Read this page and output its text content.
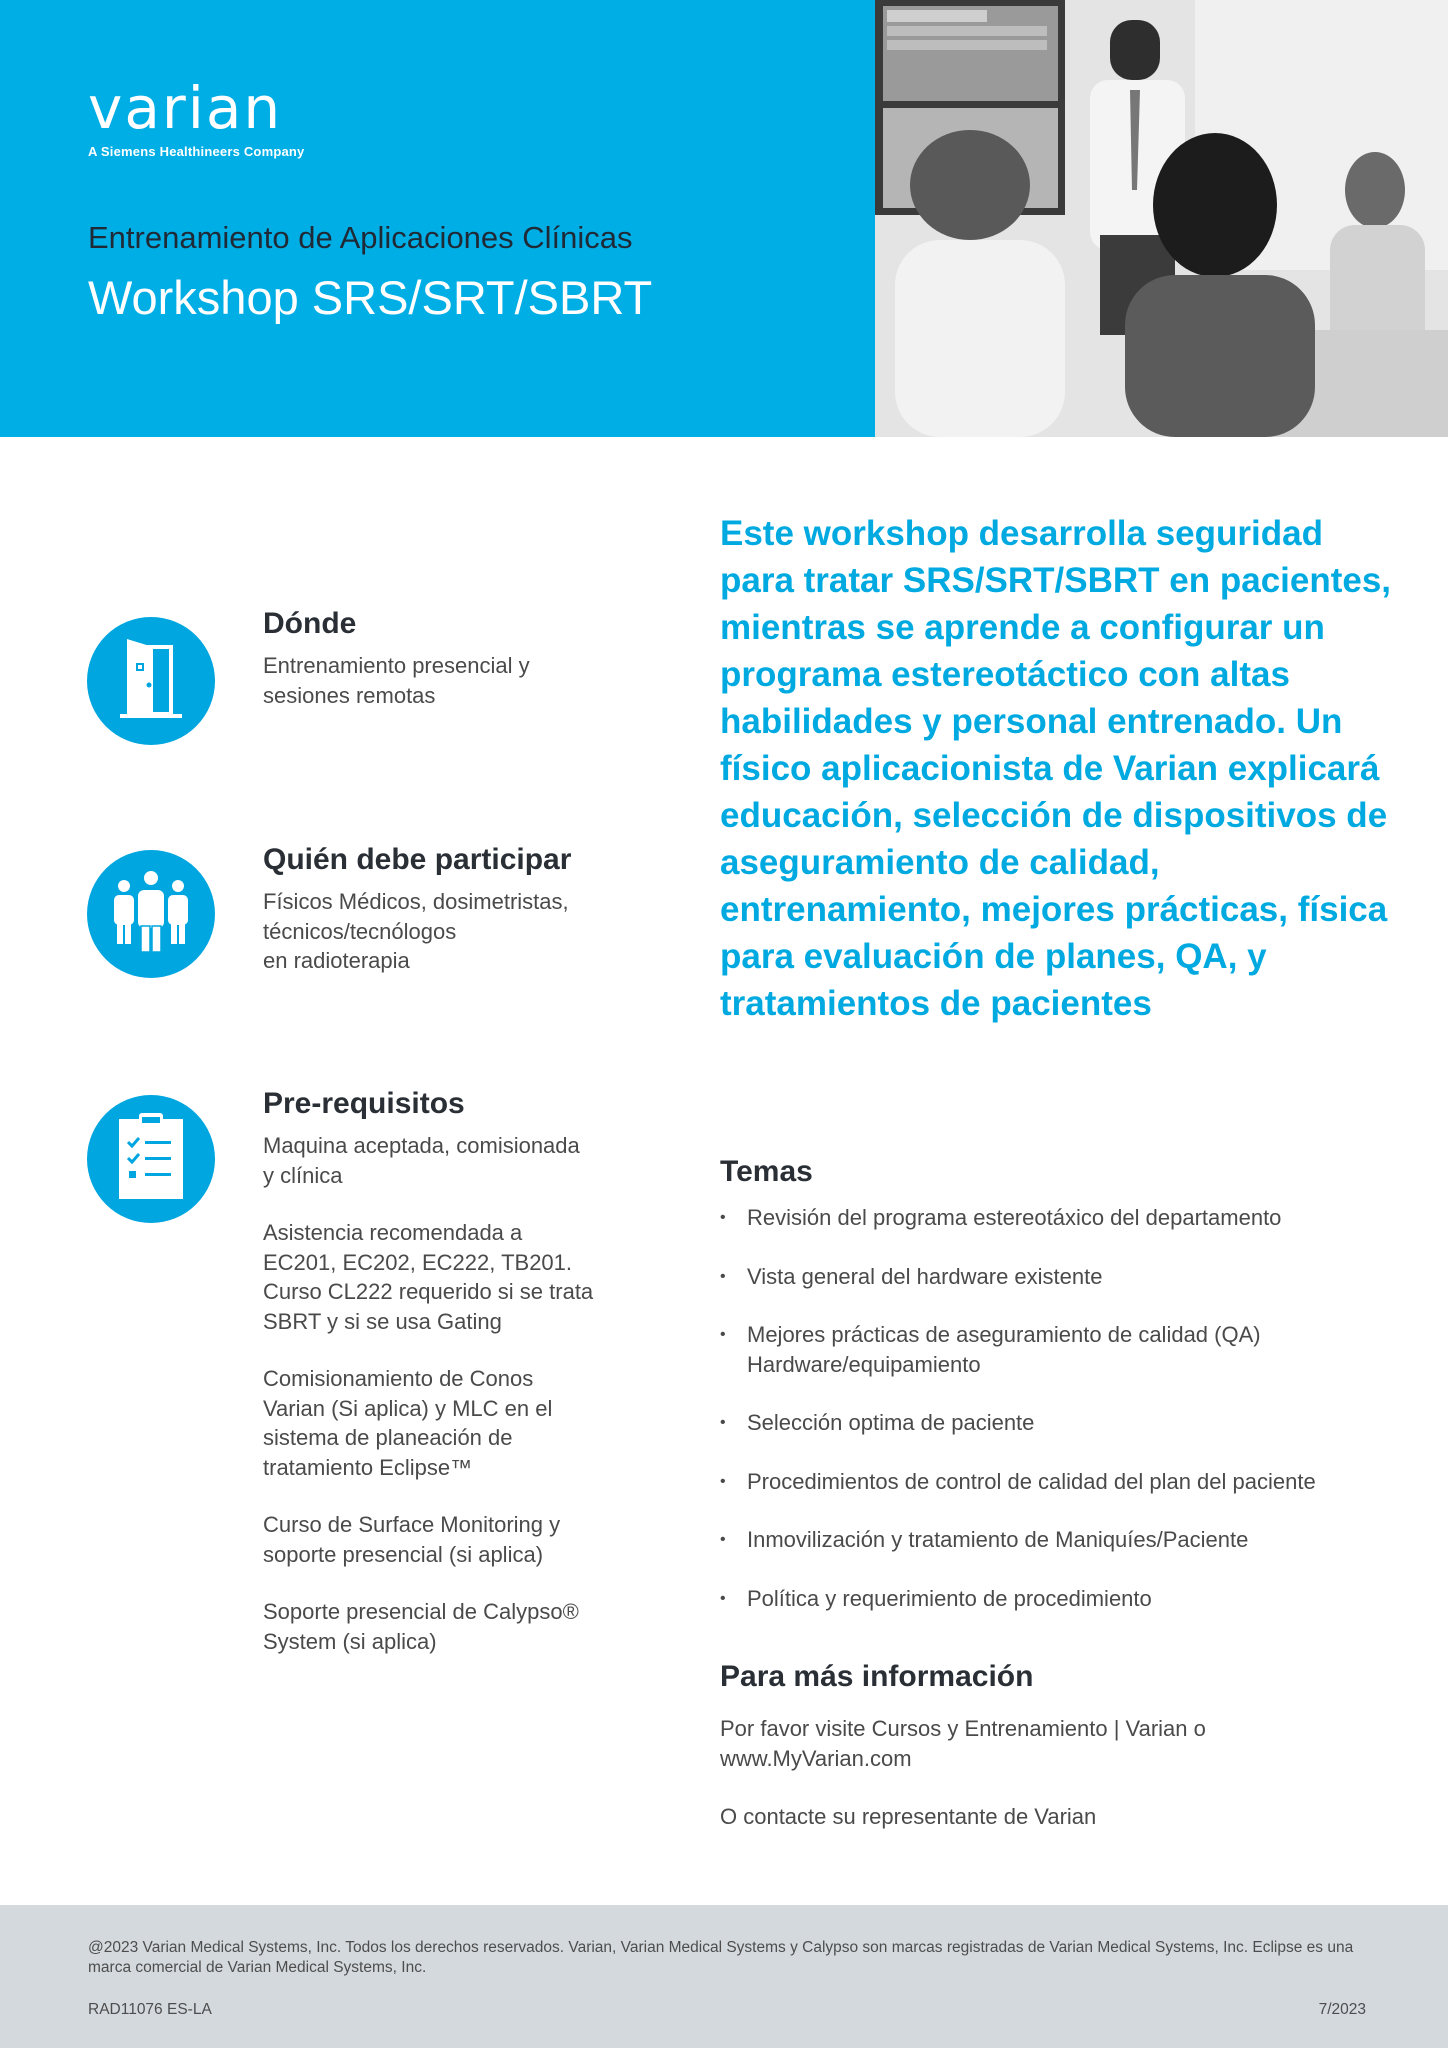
varian
A Siemens Healthineers Company
Entrenamiento de Aplicaciones Clínicas
Workshop SRS/SRT/SBRT
Este workshop desarrolla seguridad para tratar SRS/SRT/SBRT en pacientes, mientras se aprende a configurar un programa estereotáctico con altas habilidades y personal entrenado. Un físico aplicacionista de Varian explicará educación, selección de dispositivos de aseguramiento de calidad, entrenamiento, mejores prácticas, física para evaluación de planes, QA, y tratamientos de pacientes

Dónde

Entrenamiento presencial y
sesiones remotas

Quién debe participar

Físicos Médicos, dosimetristas,
técnicos/tecnólogos
en radioterapia

Pre-requisitos

Maquina aceptada, comisionada
y clínica

Asistencia recomendada a
EC201, EC202, EC222, TB201.
Curso CL222 requerido si se trata
SBRT y si se usa Gating

Comisionamiento de Conos
Varian (Si aplica) y MLC en el
sistema de planeación de
tratamiento Eclipse™

Curso de Surface Monitoring y
soporte presencial (si aplica)

Soporte presencial de Calypso®
System (si aplica)

Temas

• Revisión del programa estereotáxico del departamento
• Vista general del hardware existente
• Mejores prácticas de aseguramiento de calidad (QA)
Hardware/equipamiento
• Selección optima de paciente
• Procedimientos de control de calidad del plan del paciente
• Inmovilización y tratamiento de Maniquíes/Paciente
• Política y requerimiento de procedimiento

Para más información

Por favor visite Cursos y Entrenamiento | Varian o
www.MyVarian.com

O contacte su representante de Varian

@2023 Varian Medical Systems, Inc. Todos los derechos reservados. Varian, Varian Medical Systems y Calypso son marcas registradas de Varian Medical Systems, Inc. Eclipse es una marca comercial de Varian Medical Systems, Inc.
RAD11076 ES-LA	7/2023
